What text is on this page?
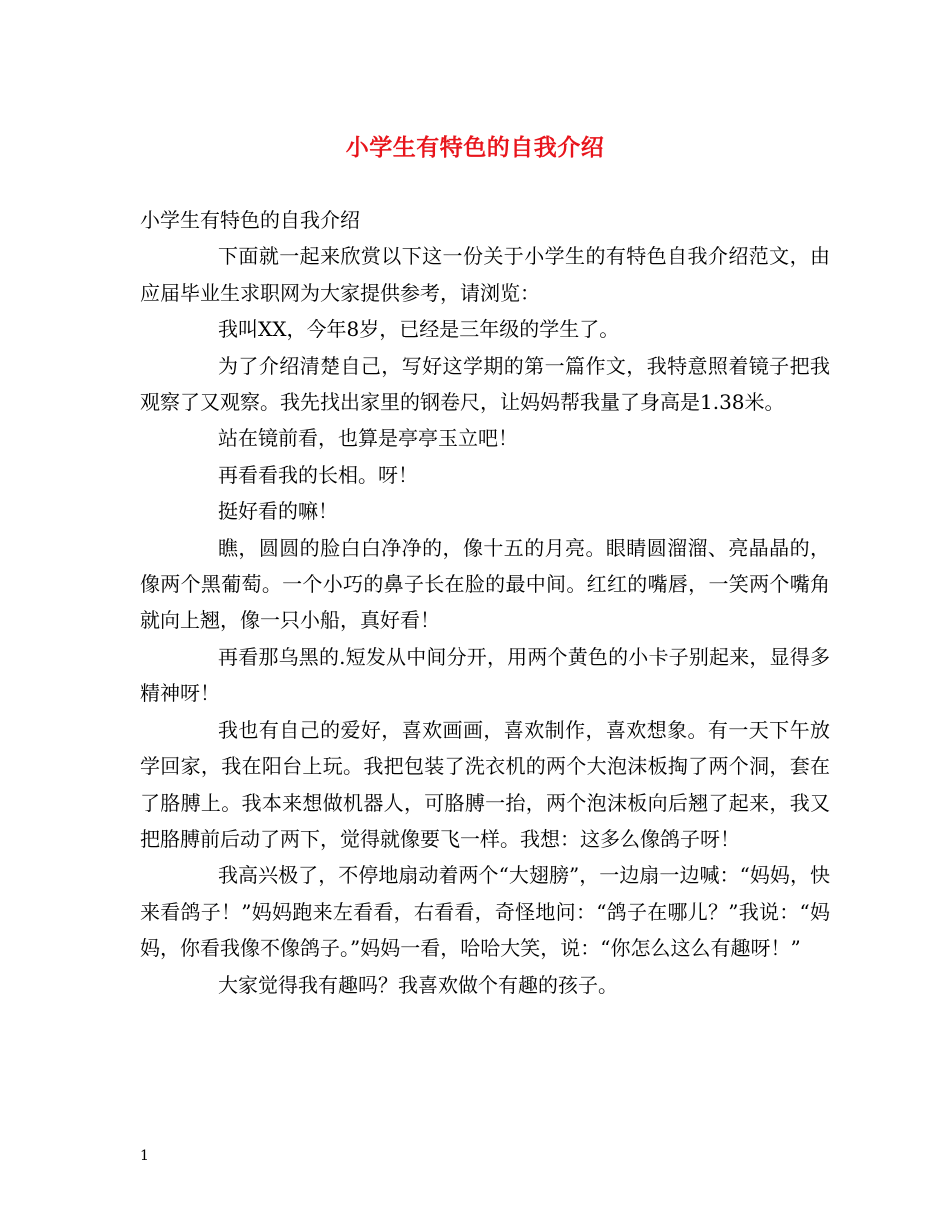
小学生有特色的自我介绍

小学生有特色的自我介绍

下面就一起来欣赏以下这一份关于小学生的有特色自我介绍范文，由应届毕业生求职网为大家提供参考，请浏览：

我叫XX，今年8岁，已经是三年级的学生了。

为了介绍清楚自己，写好这学期的第一篇作文，我特意照着镜子把我观察了又观察。我先找出家里的钢卷尺，让妈妈帮我量了身高是1.38米。

站在镜前看，也算是亭亭玉立吧！

再看看我的长相。呀！

挺好看的嘛！

瞧，圆圆的脸白白净净的，像十五的月亮。眼睛圆溜溜、亮晶晶的，像两个黑葡萄。一个小巧的鼻子长在脸的最中间。红红的嘴唇，一笑两个嘴角就向上翘，像一只小船，真好看！

再看那乌黑的.短发从中间分开，用两个黄色的小卡子别起来，显得多精神呀！

我也有自己的爱好，喜欢画画，喜欢制作，喜欢想象。有一天下午放学回家，我在阳台上玩。我把包装了洗衣机的两个大泡沫板掏了两个洞，套在了胳膊上。我本来想做机器人，可胳膊一抬，两个泡沫板向后翘了起来，我又把胳膊前后动了两下，觉得就像要飞一样。我想：这多么像鸽子呀！

我高兴极了，不停地扇动着两个“大翅膀”，一边扇一边喊：“妈妈，快来看鸽子！”妈妈跑来左看看，右看看，奇怪地问：“鸽子在哪儿？”我说：“妈妈，你看我像不像鸽子。”妈妈一看，哈哈大笑，说：“你怎么这么有趣呀！”

大家觉得我有趣吗？我喜欢做个有趣的孩子。

1
